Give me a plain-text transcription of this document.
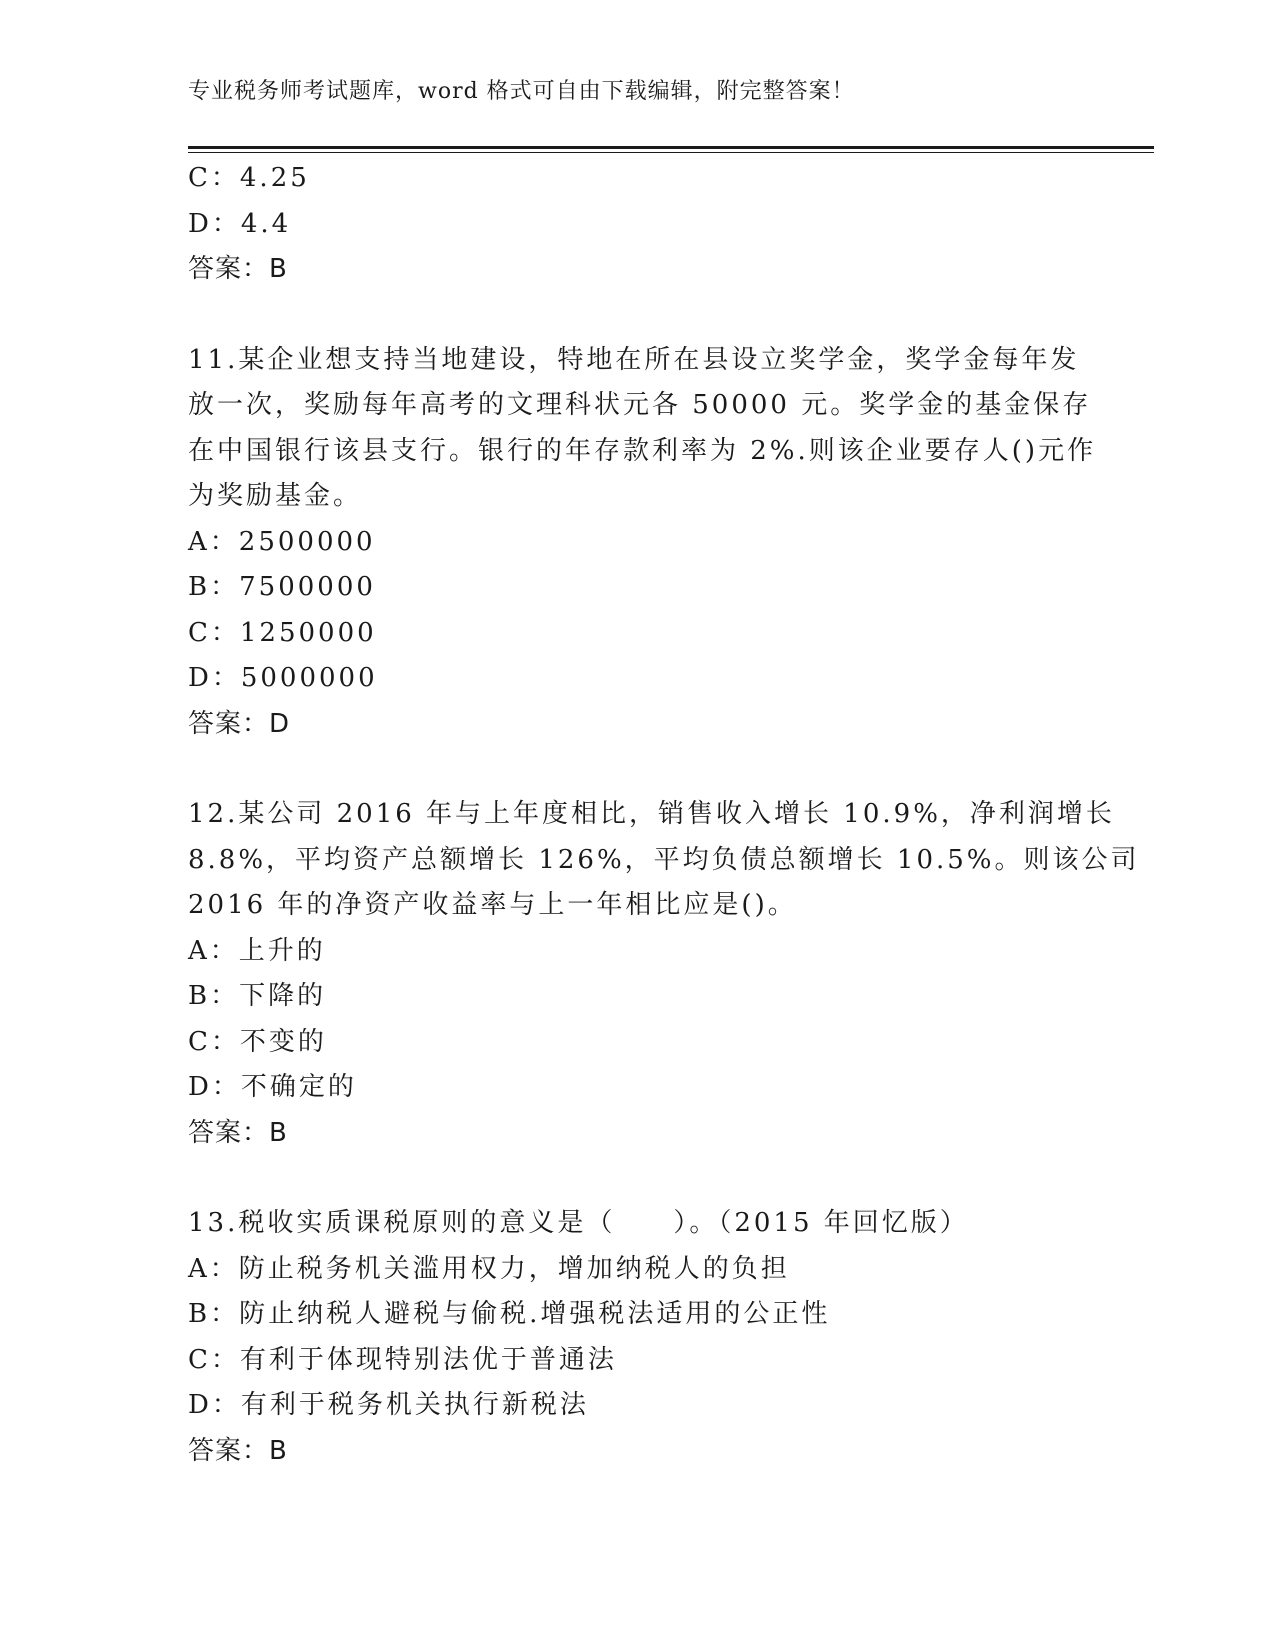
专业税务师考试题库，word 格式可自由下载编辑，附完整答案！
C：4.25
D：4.4
答案：B
11.某企业想支持当地建设，特地在所在县设立奖学金，奖学金每年发
放一次，奖励每年高考的文理科状元各 50000 元。奖学金的基金保存
在中国银行该县支行。银行的年存款利率为 2%.则该企业要存人()元作
为奖励基金。
A：2500000
B：7500000
C：1250000
D：5000000
答案：D
12.某公司 2016 年与上年度相比，销售收入增长 10.9%，净利润增长
8.8%，平均资产总额增长 126%，平均负债总额增长 10.5%。则该公司
2016 年的净资产收益率与上一年相比应是()。
A：上升的
B：下降的
C：不变的
D：不确定的
答案：B
13.税收实质课税原则的意义是（　　）。（2015 年回忆版）
A：防止税务机关滥用权力，增加纳税人的负担
B：防止纳税人避税与偷税.增强税法适用的公正性
C：有利于体现特别法优于普通法
D：有利于税务机关执行新税法
答案：B
